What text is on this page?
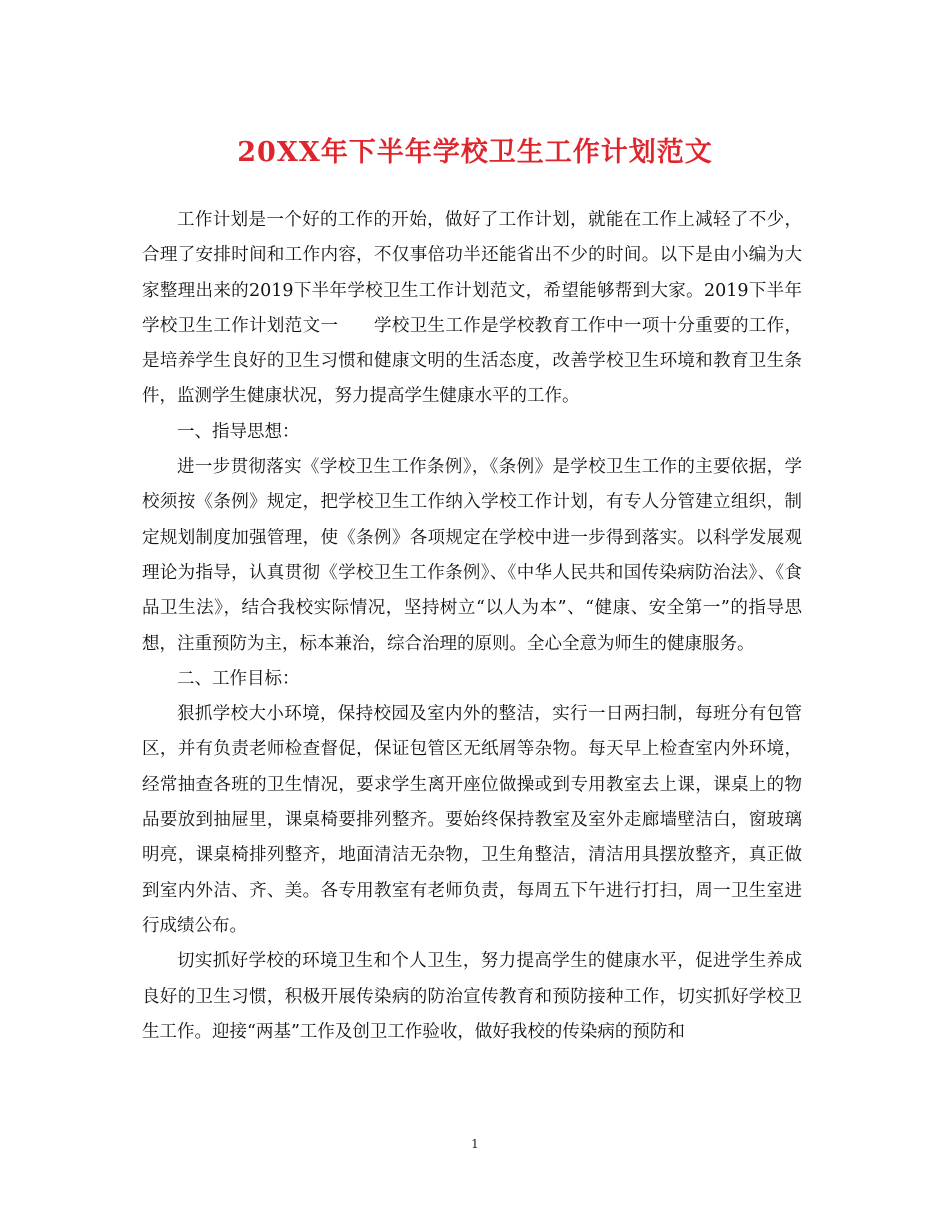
20XX年下半年学校卫生工作计划范文

工作计划是一个好的工作的开始，做好了工作计划，就能在工作上减轻了不少，合理了安排时间和工作内容，不仅事倍功半还能省出不少的时间。以下是由小编为大家整理出来的2019下半年学校卫生工作计划范文，希望能够帮到大家。2019下半年学校卫生工作计划范文一　　学校卫生工作是学校教育工作中一项十分重要的工作，是培养学生良好的卫生习惯和健康文明的生活态度，改善学校卫生环境和教育卫生条件，监测学生健康状况，努力提高学生健康水平的工作。

一、指导思想：

进一步贯彻落实《学校卫生工作条例》，《条例》是学校卫生工作的主要依据，学校须按《条例》规定，把学校卫生工作纳入学校工作计划，有专人分管建立组织，制定规划制度加强管理，使《条例》各项规定在学校中进一步得到落实。以科学发展观理论为指导，认真贯彻《学校卫生工作条例》、《中华人民共和国传染病防治法》、《食品卫生法》，结合我校实际情况，坚持树立“以人为本”、“健康、安全第一”的指导思想，注重预防为主，标本兼治，综合治理的原则。全心全意为师生的健康服务。

二、工作目标：

狠抓学校大小环境，保持校园及室内外的整洁，实行一日两扫制，每班分有包管区，并有负责老师检查督促，保证包管区无纸屑等杂物。每天早上检查室内外环境，经常抽查各班的卫生情况，要求学生离开座位做操或到专用教室去上课，课桌上的物品要放到抽屉里，课桌椅要排列整齐。要始终保持教室及室外走廊墙壁洁白，窗玻璃明亮，课桌椅排列整齐，地面清洁无杂物，卫生角整洁，清洁用具摆放整齐，真正做到室内外洁、齐、美。各专用教室有老师负责，每周五下午进行打扫，周一卫生室进行成绩公布。

切实抓好学校的环境卫生和个人卫生，努力提高学生的健康水平，促进学生养成良好的卫生习惯，积极开展传染病的防治宣传教育和预防接种工作，切实抓好学校卫生工作。迎接“两基”工作及创卫工作验收，做好我校的传染病的预防和

1
